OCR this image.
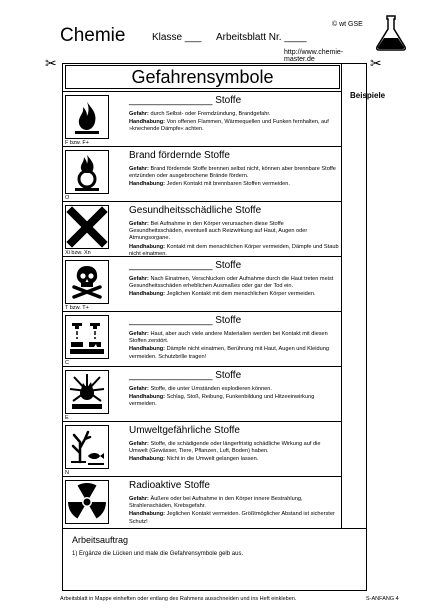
Chemie	Klasse ___ Arbeitsblatt Nr. ____
© wt GSE
http://www.chemie-master.de
✂	✂
Gefahrensymbole
Beispiele
F bzw. F+
_______________ Stoffe

Gefahr: durch Selbst- oder Fremdzündung, Brandgefahr.

Handhabung: Von offenen Flammen, Wärmequellen und Funken fernhalten, auf »knechende Dämpfe« achten.

O
Brand fördernde Stoffe

Gefahr: Brand fördernde Stoffe brennen selbst nicht, können aber brennbare Stoffe entzünden oder ausgebrochene Brände fördern.

Handhabung: Jeden Kontakt mit brennbaren Stoffen vermeiden.

Xi bzw. Xn
Gesundheitsschädliche Stoffe

Gefahr: Bei Aufnahme in den Körper verursachen diese Stoffe Gesundheitsschäden, eventuell auch Reizwirkung auf Haut, Augen oder Atmungsorgane.

Handhabung: Kontakt mit dem menschlichen Körper vermeiden, Dämpfe und Staub nicht einatmen.

T bzw. T+
_______________ Stoffe

Gefahr: Nach Einatmen, Verschlucken oder Aufnahme durch die Haut treten meist Gesundheitsschäden erheblichen Ausmaßes oder gar der Tod ein.

Handhabung: Jeglichen Kontakt mit dem menschlichen Körper vermeiden.

C
_______________ Stoffe

Gefahr: Haut, aber auch viele andere Materialien werden bei Kontakt mit diesen Stoffen zerstört.

Handhabung: Dämpfe nicht einatmen, Berührung mit Haut, Augen und Kleidung vermeiden. Schutzbrille tragen!

E
_______________ Stoffe

Gefahr: Stoffe, die unter Umständen explodieren können.

Handhabung: Schlag, Stoß, Reibung, Funkenbildung und Hitzeeinwirkung vermeiden.

N
Umweltgefährliche Stoffe

Gefahr: Stoffe, die schädigende oder längerfristig schädliche Wirkung auf die Umwelt (Gewässer, Tiere, Pflanzen, Luft, Boden) haben.

Handhabung: Nicht in die Umwelt gelangen lassen.

Radioaktive Stoffe

Gefahr: Äußere oder bei Aufnahme in den Körper innere Bestrahlung, Strahlenschäden, Krebsgefahr.

Handhabung: Jeglichen Kontakt vermeiden. Größtmöglicher Abstand ist sicherster Schutz!

Arbeitsauftrag
1) Ergänze die Lücken und male die Gefahrensymbole gelb aus.
Arbeitsblatt in Mappe einheften oder entlang des Rahmens ausschneiden und ins Heft einkleben.	S-ANFANG 4
